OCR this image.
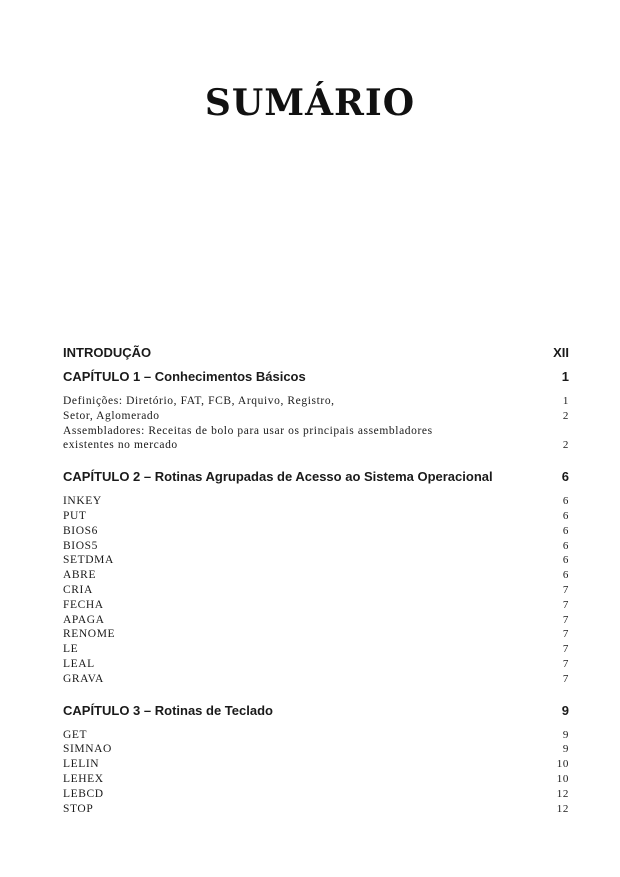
SUMÁRIO
INTRODUÇÃO	XII
CAPÍTULO 1 – Conhecimentos Básicos	1
Definições: Diretório, FAT, FCB, Arquivo, Registro,	1
Setor, Aglomerado	2
Assembladores: Receitas de bolo para usar os principais assembladores
existentes no mercado	2
CAPÍTULO 2 – Rotinas Agrupadas de Acesso ao Sistema Operacional	6
INKEY	6
PUT	6
BIOS6	6
BIOS5	6
SETDMA	6
ABRE	6
CRIA	7
FECHA	7
APAGA	7
RENOME	7
LE	7
LEAL	7
GRAVA	7
CAPÍTULO 3 – Rotinas de Teclado	9
GET	9
SIMNAO	9
LELIN	10
LEHEX	10
LEBCD	12
STOP	12
